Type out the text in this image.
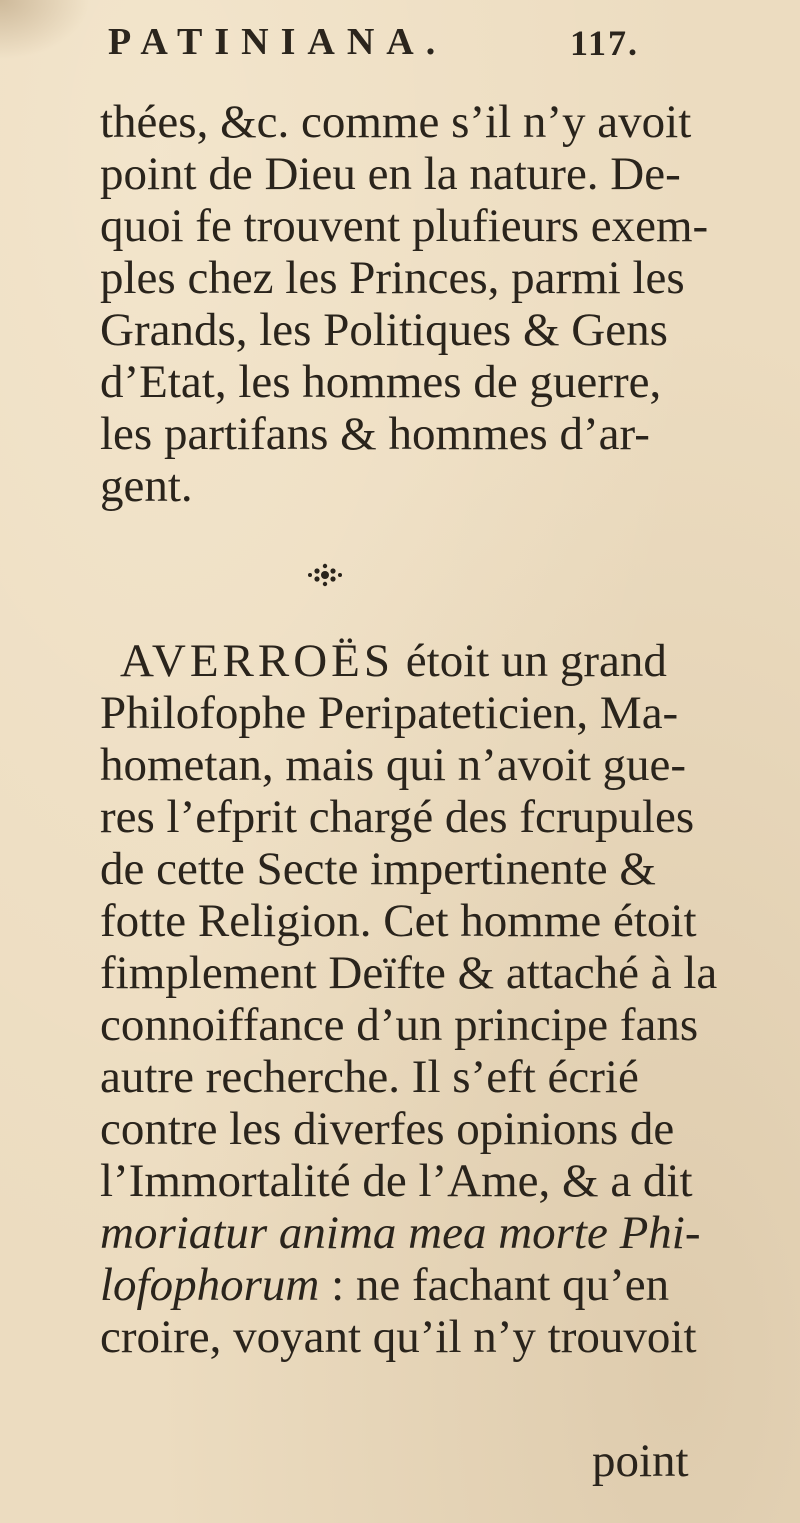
PATINIANA.	117.
thées, &c. comme s’il n’y avoit
point de Dieu en la nature. De-
quoi fe trouvent plufieurs exem-
ples chez les Princes, parmi les
Grands, les Politiques & Gens
d’Etat, les hommes de guerre,
les partifans & hommes d’ar-
gent.
AVERROËS étoit un grand
Philofophe Peripateticien, Ma-
hometan, mais qui n’avoit gue-
res l’efprit chargé des fcrupules
de cette Secte impertinente &
fotte Religion. Cet homme étoit
fimplement Deïfte & attaché à la
connoiffance d’un principe fans
autre recherche. Il s’eft écrié
contre les diverfes opinions de
l’Immortalité de l’Ame, & a dit
moriatur anima mea morte Phi-
lofophorum : ne fachant qu’en
croire, voyant qu’il n’y trouvoit
point
